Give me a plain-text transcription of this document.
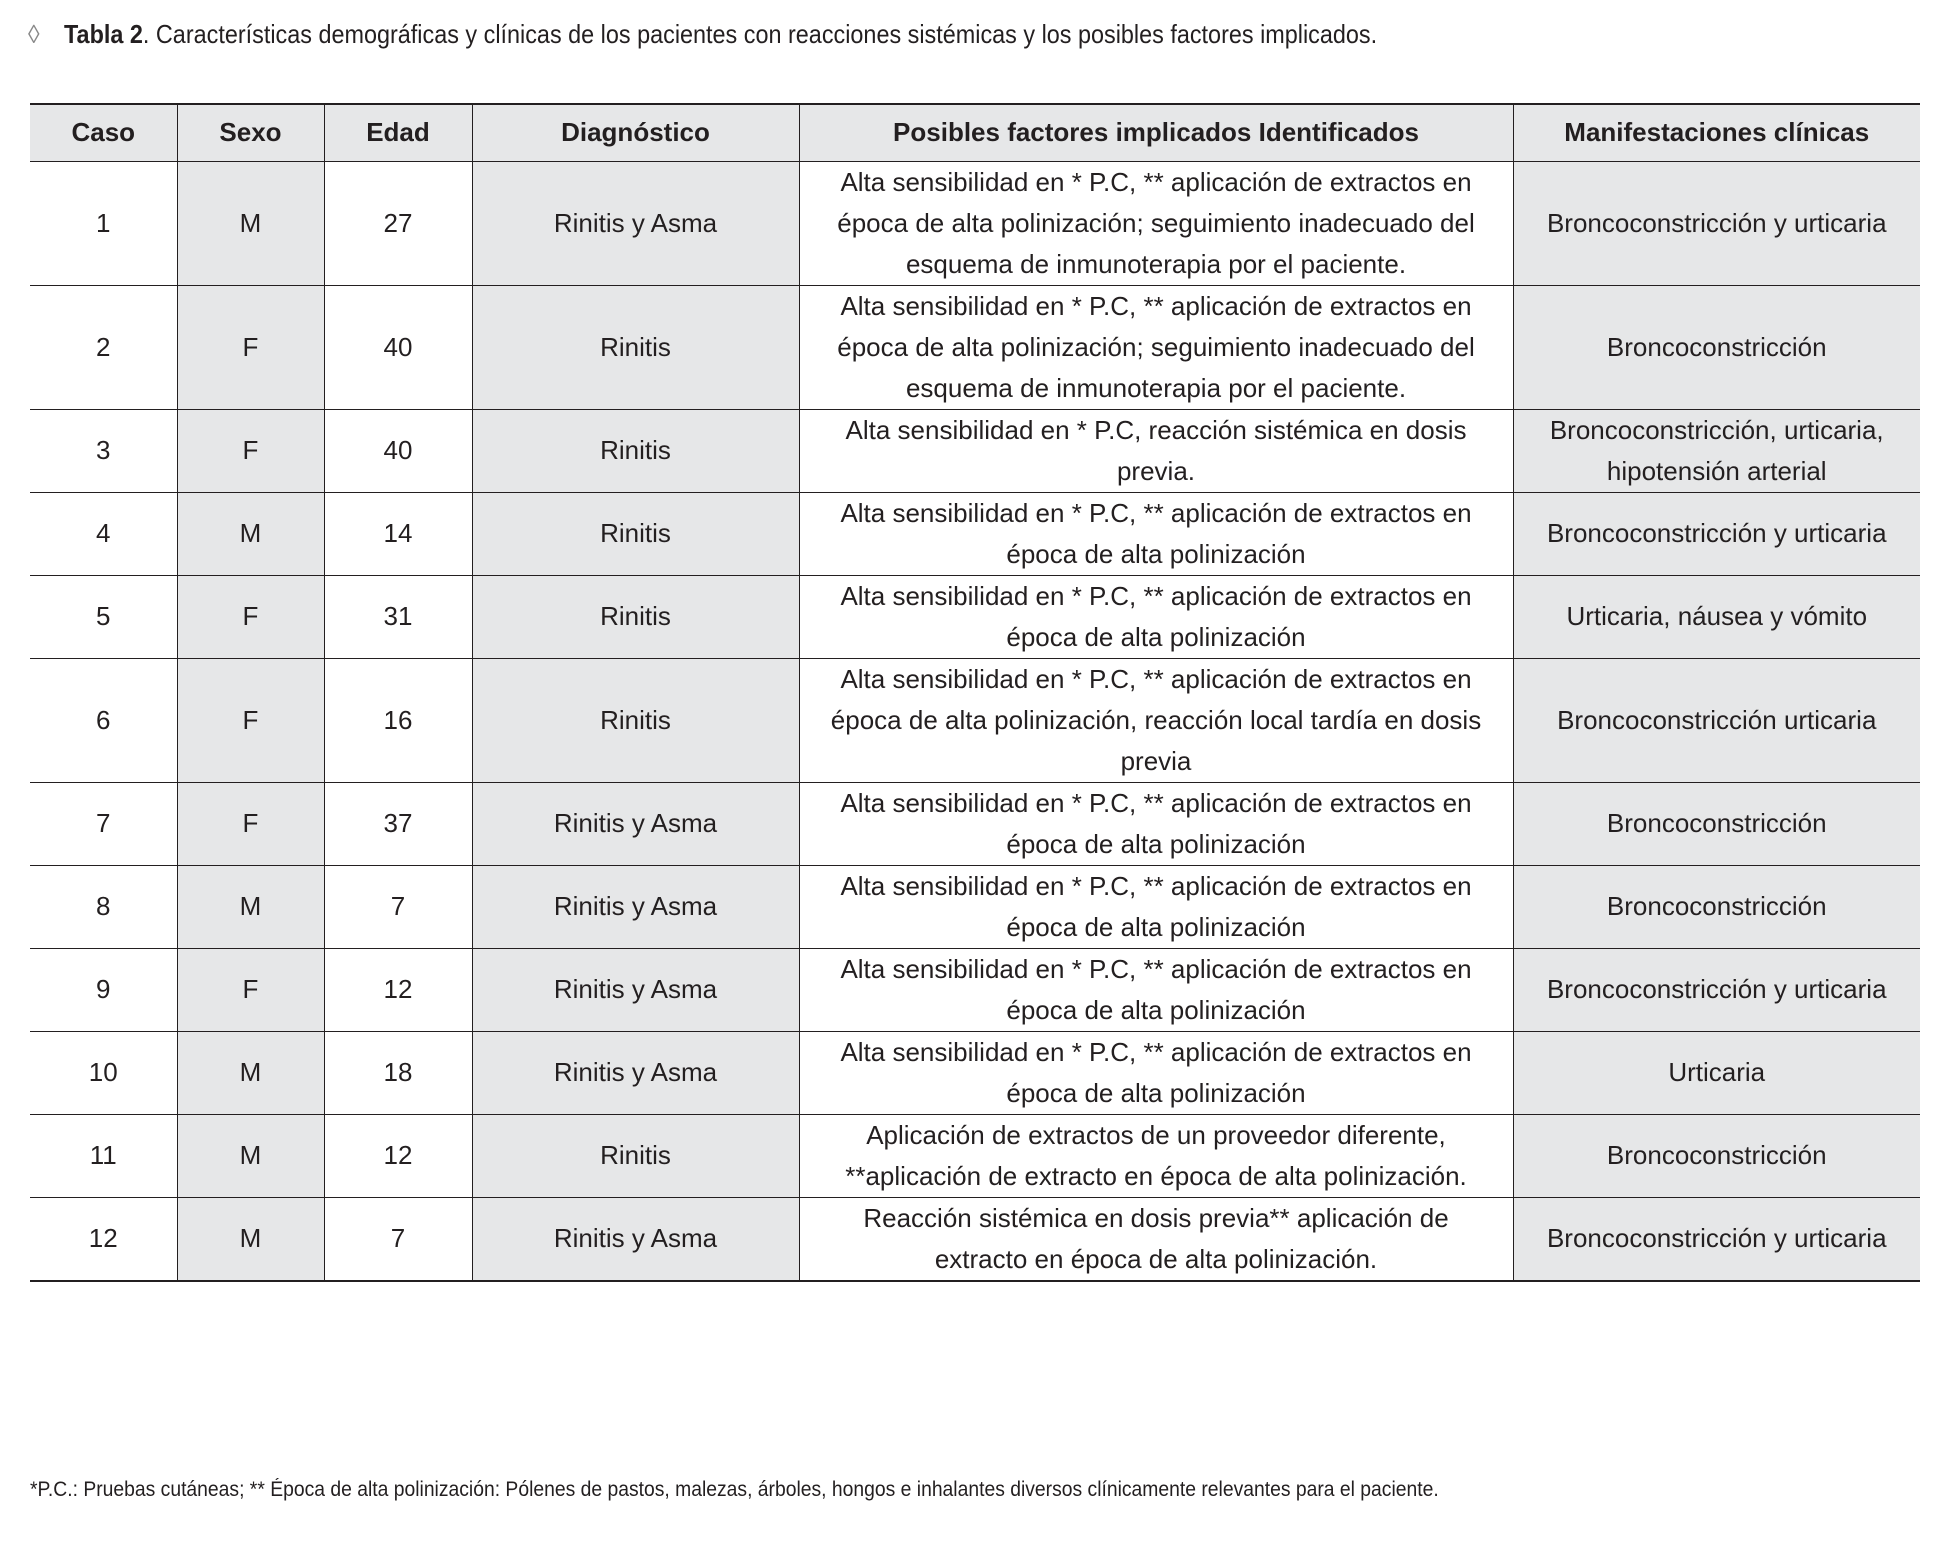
◊ Tabla 2. Características demográficas y clínicas de los pacientes con reacciones sistémicas y los posibles factores implicados.
Caso	Sexo	Edad	Diagnóstico	Posibles factores implicados Identificados	Manifestaciones clínicas
1	M	27	Rinitis y Asma	Alta sensibilidad en * P.C, ** aplicación de extractos en época de alta polinización; seguimiento inadecuado del esquema de inmunoterapia por el paciente.	Broncoconstricción y urticaria
2	F	40	Rinitis	Alta sensibilidad en * P.C, ** aplicación de extractos en época de alta polinización; seguimiento inadecuado del esquema de inmunoterapia por el paciente.	Broncoconstricción
3	F	40	Rinitis	Alta sensibilidad en * P.C, reacción sistémica en dosis previa.	Broncoconstricción, urticaria, hipotensión arterial
4	M	14	Rinitis	Alta sensibilidad en * P.C, ** aplicación de extractos en época de alta polinización	Broncoconstricción y urticaria
5	F	31	Rinitis	Alta sensibilidad en * P.C, ** aplicación de extractos en época de alta polinización	Urticaria, náusea y vómito
6	F	16	Rinitis	Alta sensibilidad en * P.C, ** aplicación de extractos en época de alta polinización, reacción local tardía en dosis previa	Broncoconstricción urticaria
7	F	37	Rinitis y Asma	Alta sensibilidad en * P.C, ** aplicación de extractos en época de alta polinización	Broncoconstricción
8	M	7	Rinitis y Asma	Alta sensibilidad en * P.C, ** aplicación de extractos en época de alta polinización	Broncoconstricción
9	F	12	Rinitis y Asma	Alta sensibilidad en * P.C, ** aplicación de extractos en época de alta polinización	Broncoconstricción y urticaria
10	M	18	Rinitis y Asma	Alta sensibilidad en * P.C, ** aplicación de extractos en época de alta polinización	Urticaria
11	M	12	Rinitis	Aplicación de extractos de un proveedor diferente, **aplicación de extracto en época de alta polinización.	Broncoconstricción
12	M	7	Rinitis y Asma	Reacción sistémica en dosis previa** aplicación de extracto en época de alta polinización.	Broncoconstricción y urticaria
*P.C.: Pruebas cutáneas; ** Época de alta polinización: Pólenes de pastos, malezas, árboles, hongos e inhalantes diversos clínicamente relevantes para el paciente.
